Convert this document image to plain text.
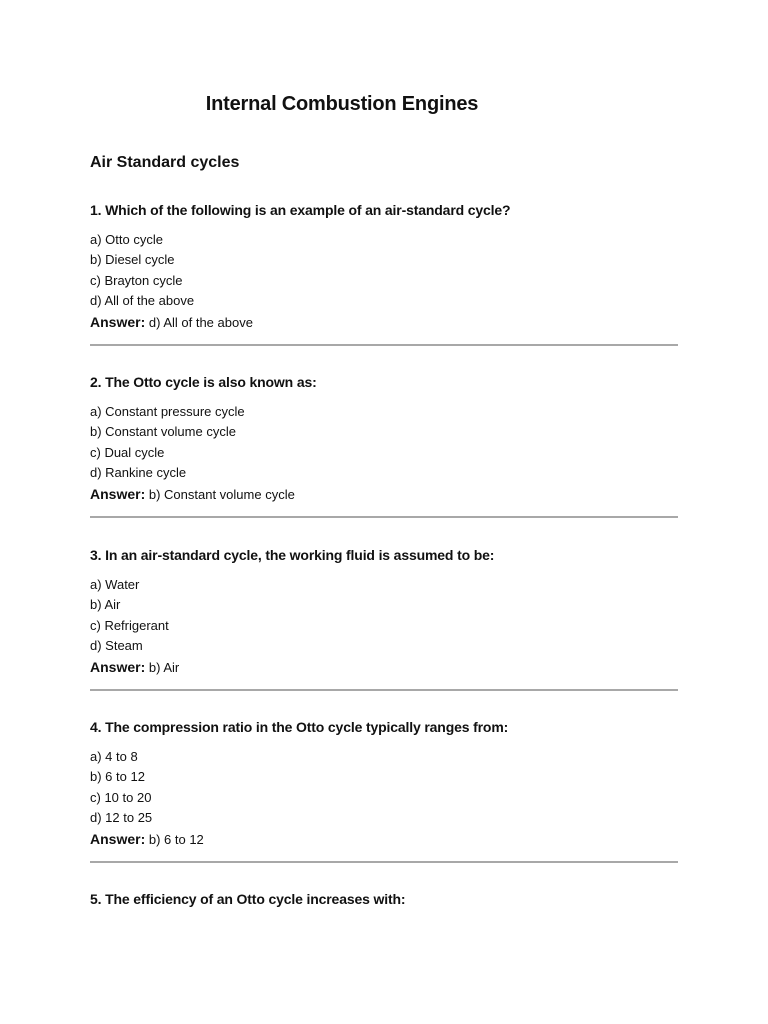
Internal Combustion Engines
Air Standard cycles

1. Which of the following is an example of an air-standard cycle?

a) Otto cycle

b) Diesel cycle

c) Brayton cycle

d) All of the above

Answer: d) All of the above

2. The Otto cycle is also known as:

a) Constant pressure cycle

b) Constant volume cycle

c) Dual cycle

d) Rankine cycle

Answer: b) Constant volume cycle

3. In an air-standard cycle, the working fluid is assumed to be:

a) Water

b) Air

c) Refrigerant

d) Steam

Answer: b) Air

4. The compression ratio in the Otto cycle typically ranges from:

a) 4 to 8

b) 6 to 12

c) 10 to 20

d) 12 to 25

Answer: b) 6 to 12

5. The efficiency of an Otto cycle increases with:
